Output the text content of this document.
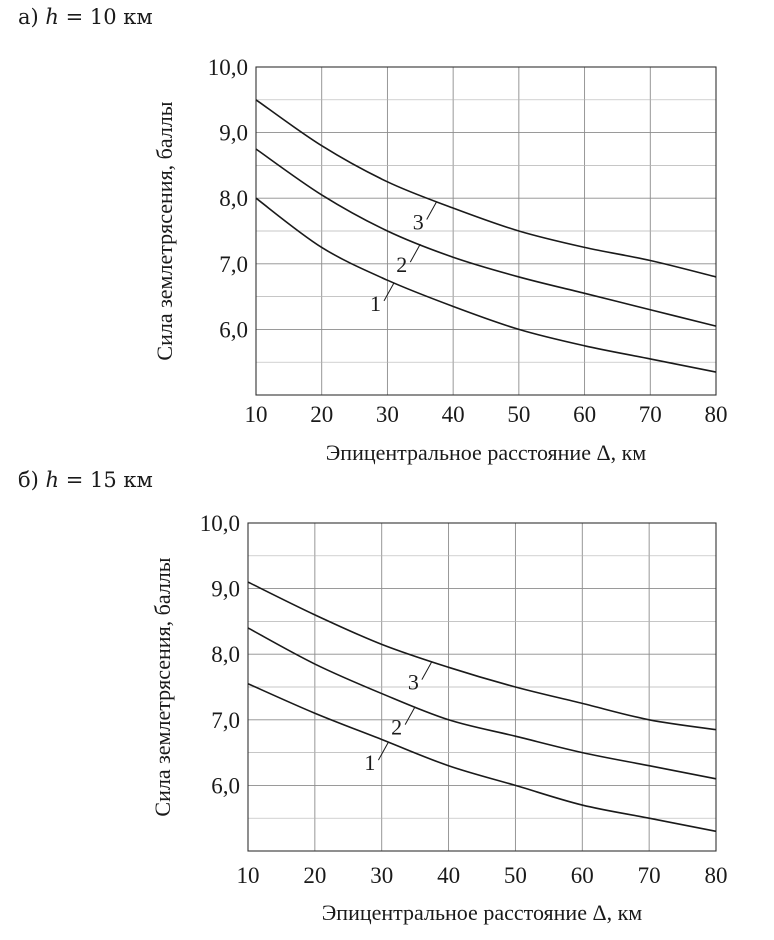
а) h = 10 км
б) h = 15 км
10 20 30 40 50 60 70 80
6,0
7,0
8,0
9,0
10,0
Эпицентральное расстояние Δ, км
Сила землетрясения, баллы	1
2
3
10 20 30 40 50 60 70 80
6,0
7,0
8,0
9,0
10,0
Эпицентральное расстояние Δ, км
Сила землетрясения, баллы	1
2
3
